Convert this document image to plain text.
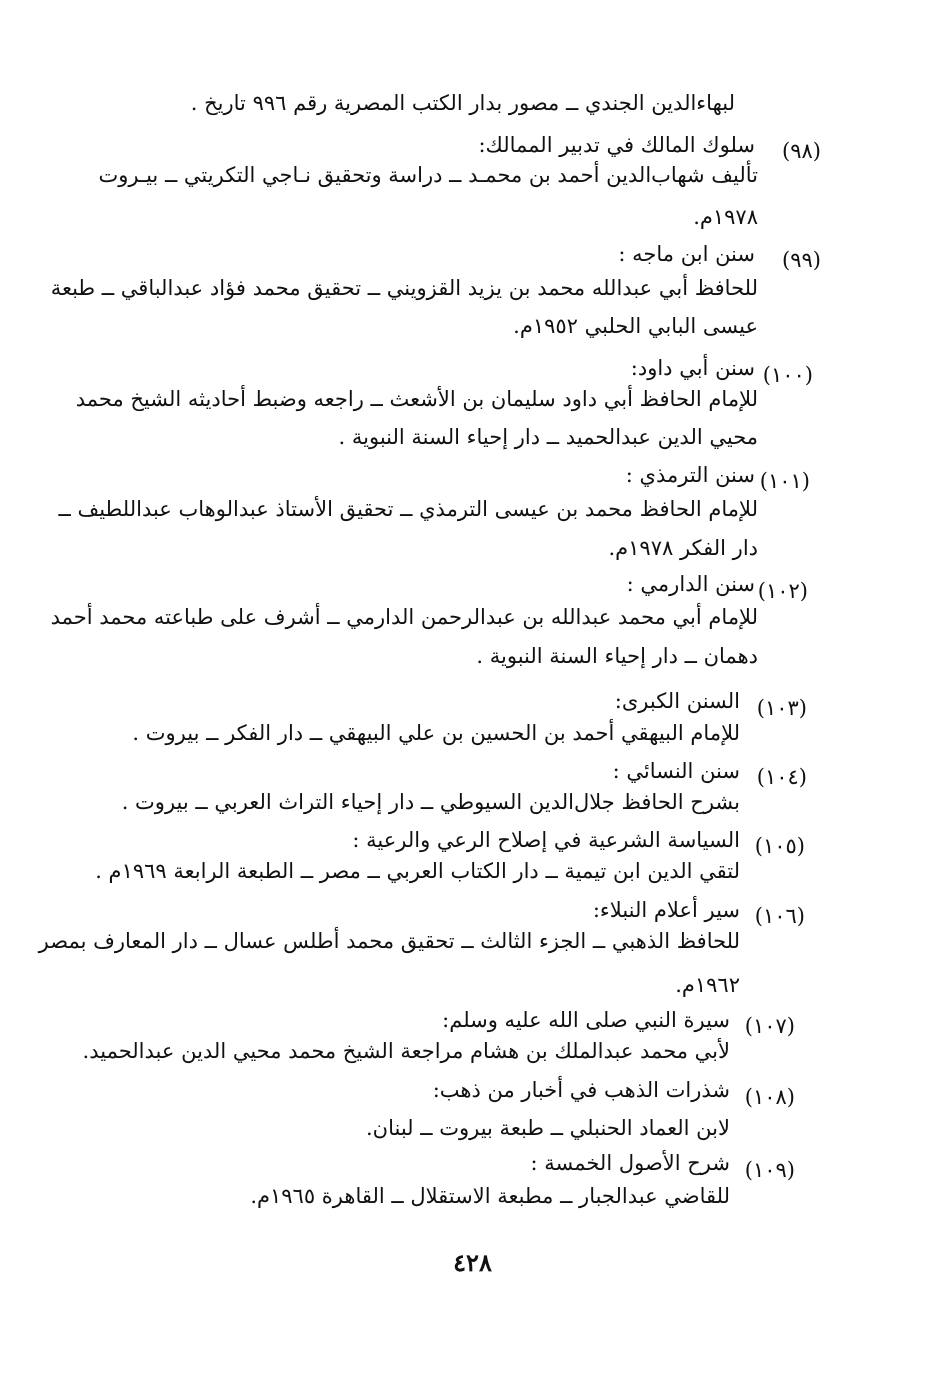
لبهاءالدين الجندي ــ مصور بدار الكتب المصرية رقم ٩٩٦ تاريخ .
(٩٨)
سلوك المالك في تدبير الممالك:
تأليف شهاب‌الدين أحمد بن محمـد ــ دراسة وتحقيق نـاجي التكريتي ــ بيـروت
١٩٧٨م.
(٩٩)
سنن ابن ماجه :
للحافظ أبي عبدالله محمد بن يزيد القزويني ــ تحقيق محمد فؤاد عبدالباقي ــ طبعة
عيسى البابي الحلبي ١٩٥٢م.
(١٠٠)
سنن أبي داود:
للإمام الحافظ أبي داود سليمان بن الأشعث ــ راجعه وضبط أحاديثه الشيخ محمد
محيي الدين عبدالحميد ــ دار إحياء السنة النبوية .
(١٠١)
سنن الترمذي :
للإمام الحافظ محمد بن عيسى الترمذي ــ تحقيق الأستاذ عبدالوهاب عبداللطيف ــ
دار الفكر ١٩٧٨م.
(١٠٢)
سنن الدارمي :
للإمام أبي محمد عبدالله بن عبدالرحمن الدارمي ــ أشرف على طباعته محمد أحمد
دهمان ــ دار إحياء السنة النبوية .
(١٠٣)
السنن الكبرى:
للإمام البيهقي أحمد بن الحسين بن علي البيهقي ــ دار الفكر ــ بيروت .
(١٠٤)
سنن النسائي :
بشرح الحافظ جلال‌الدين السيوطي ــ دار إحياء التراث العربي ــ بيروت .
(١٠٥)
السياسة الشرعية في إصلاح الرعي والرعية :
لتقي الدين ابن تيمية ــ دار الكتاب العربي ــ مصر ــ الطبعة الرابعة ١٩٦٩م .
(١٠٦)
سير أعلام النبلاء:
للحافظ الذهبي ــ الجزء الثالث ــ تحقيق محمد أطلس عسال ــ دار المعارف بمصر
١٩٦٢م.
(١٠٧)
سيرة النبي صلى الله عليه وسلم:
لأبي محمد عبدالملك بن هشام مراجعة الشيخ محمد محيي الدين عبدالحميد.
(١٠٨)
شذرات الذهب في أخبار من ذهب:
لابن العماد الحنبلي ــ طبعة بيروت ــ لبنان.
(١٠٩)
شرح الأصول الخمسة :
للقاضي عبدالجبار ــ مطبعة الاستقلال ــ القاهرة ١٩٦٥م.
٤٢٨
